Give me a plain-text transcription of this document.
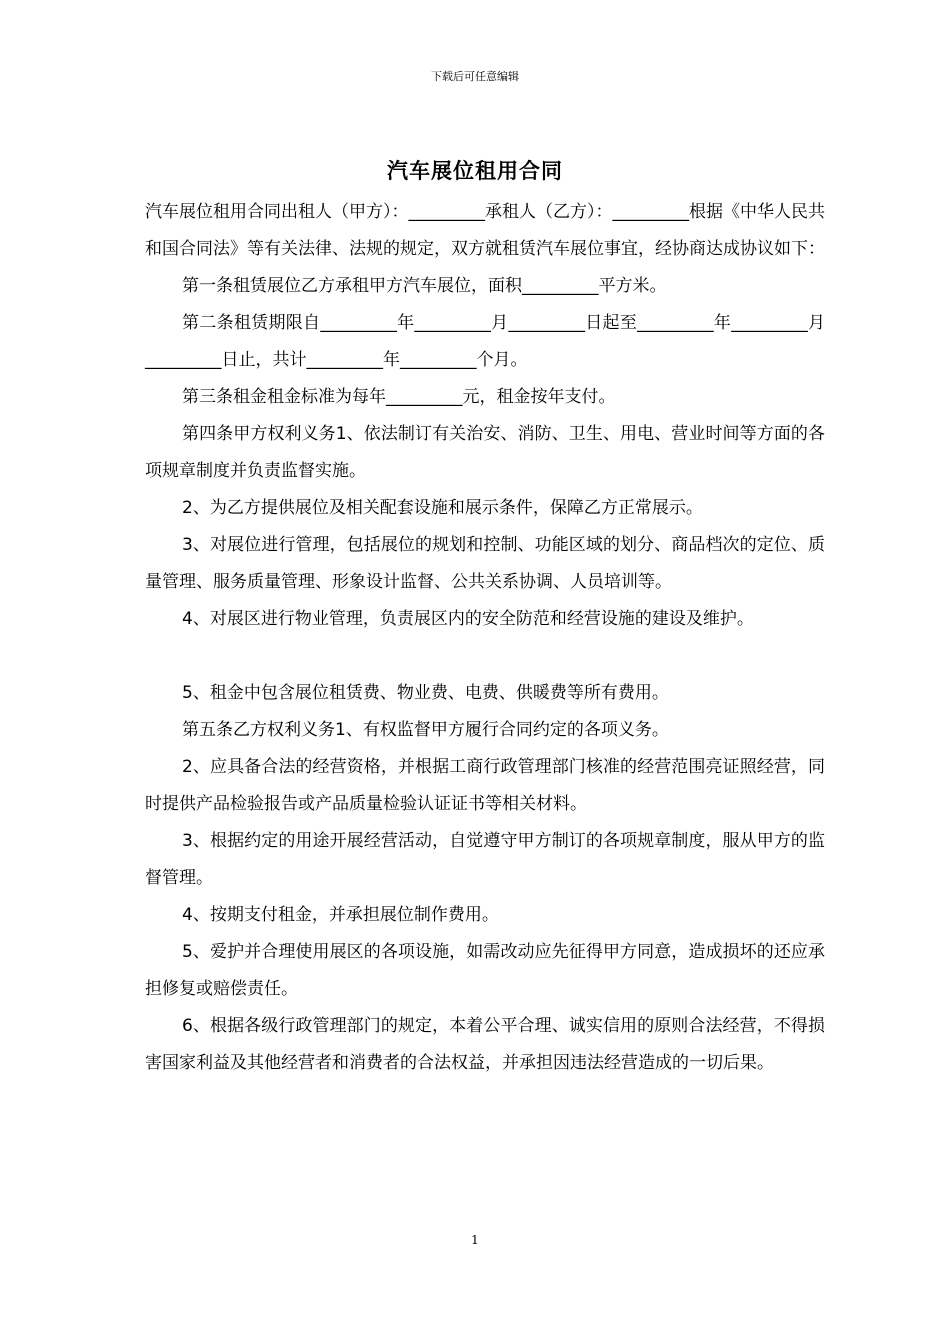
下载后可任意编辑
汽车展位租用合同

汽车展位租用合同出租人（甲方）：_________承租人（乙方）：_________根据《中华人民共和国合同法》等有关法律、法规的规定，双方就租赁汽车展位事宜，经协商达成协议如下：

第一条租赁展位乙方承租甲方汽车展位，面积_________平方米。

第二条租赁期限自_________年_________月_________日起至_________年_________月_________日止，共计_________年_________个月。

第三条租金租金标准为每年_________元，租金按年支付。

第四条甲方权利义务1、依法制订有关治安、消防、卫生、用电、营业时间等方面的各项规章制度并负责监督实施。

2、为乙方提供展位及相关配套设施和展示条件，保障乙方正常展示。

3、对展位进行管理，包括展位的规划和控制、功能区域的划分、商品档次的定位、质量管理、服务质量管理、形象设计监督、公共关系协调、人员培训等。

4、对展区进行物业管理，负责展区内的安全防范和经营设施的建设及维护。

5、租金中包含展位租赁费、物业费、电费、供暖费等所有费用。

第五条乙方权利义务1、有权监督甲方履行合同约定的各项义务。

2、应具备合法的经营资格，并根据工商行政管理部门核准的经营范围亮证照经营，同时提供产品检验报告或产品质量检验认证证书等相关材料。

3、根据约定的用途开展经营活动，自觉遵守甲方制订的各项规章制度，服从甲方的监督管理。

4、按期支付租金，并承担展位制作费用。

5、爱护并合理使用展区的各项设施，如需改动应先征得甲方同意，造成损坏的还应承担修复或赔偿责任。

6、根据各级行政管理部门的规定，本着公平合理、诚实信用的原则合法经营，不得损害国家利益及其他经营者和消费者的合法权益，并承担因违法经营造成的一切后果。

1
